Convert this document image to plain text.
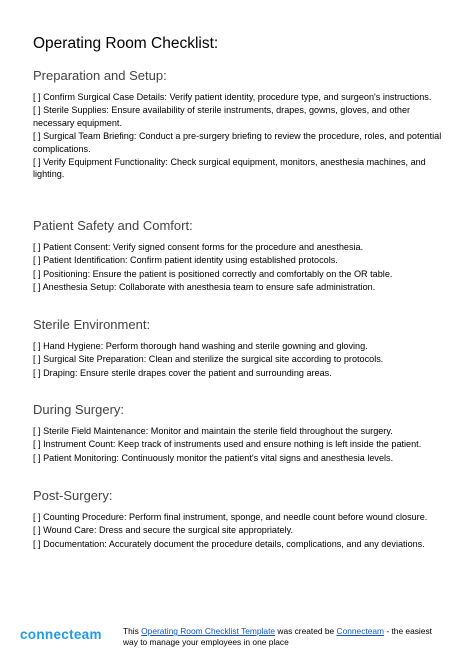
Operating Room Checklist:
Preparation and Setup:
[ ] Confirm Surgical Case Details: Verify patient identity, procedure type, and surgeon's instructions.
[ ] Sterile Supplies: Ensure availability of sterile instruments, drapes, gowns, gloves, and other necessary equipment.
[ ] Surgical Team Briefing: Conduct a pre-surgery briefing to review the procedure, roles, and potential complications.
[ ] Verify Equipment Functionality: Check surgical equipment, monitors, anesthesia machines, and lighting.
Patient Safety and Comfort:
[ ] Patient Consent: Verify signed consent forms for the procedure and anesthesia.
[ ] Patient Identification: Confirm patient identity using established protocols.
[ ] Positioning: Ensure the patient is positioned correctly and comfortably on the OR table.
[ ] Anesthesia Setup: Collaborate with anesthesia team to ensure safe administration.
Sterile Environment:
[ ] Hand Hygiene: Perform thorough hand washing and sterile gowning and gloving.
[ ] Surgical Site Preparation: Clean and sterilize the surgical site according to protocols.
[ ] Draping: Ensure sterile drapes cover the patient and surrounding areas.
During Surgery:
[ ] Sterile Field Maintenance: Monitor and maintain the sterile field throughout the surgery.
[ ] Instrument Count: Keep track of instruments used and ensure nothing is left inside the patient.
[ ] Patient Monitoring: Continuously monitor the patient's vital signs and anesthesia levels.
Post-Surgery:
[ ] Counting Procedure: Perform final instrument, sponge, and needle count before wound closure.
[ ] Wound Care: Dress and secure the surgical site appropriately.
[ ] Documentation: Accurately document the procedure details, complications, and any deviations.
connecteam	This Operating Room Checklist Template was created be Connecteam - the easiest way to manage your employees in one place
